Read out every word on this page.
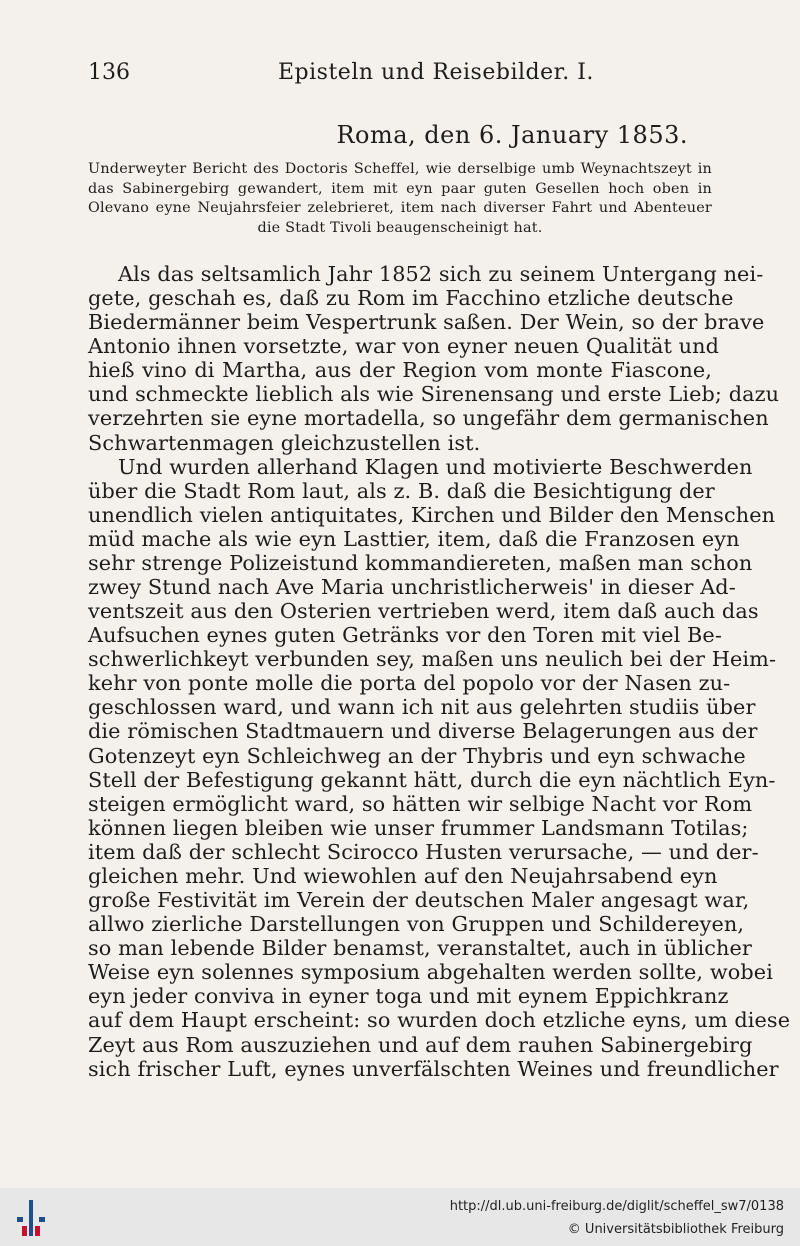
136	Episteln und Reisebilder. I.
Roma, den 6. January 1853.

Underweyter Bericht des Doctoris Scheffel, wie derselbige umb Weynachtszeyt in das Sabinergebirg gewandert, item mit eyn paar guten Gesellen hoch oben in Olevano eyne Neujahrsfeier zelebrieret, item nach diverser Fahrt und Abenteuer die Stadt Tivoli beaugenscheinigt hat.

Als das seltsamlich Jahr 1852 sich zu seinem Untergang nei-
gete, geschah es, daß zu Rom im Facchino etzliche deutsche
Biedermänner beim Vespertrunk saßen. Der Wein, so der brave
Antonio ihnen vorsetzte, war von eyner neuen Qualität und
hieß vino di Martha, aus der Region vom monte Fiascone,
und schmeckte lieblich als wie Sirenensang und erste Lieb; dazu
verzehrten sie eyne mortadella, so ungefähr dem germanischen
Schwartenmagen gleichzustellen ist.
Und wurden allerhand Klagen und motivierte Beschwerden
über die Stadt Rom laut, als z. B. daß die Besichtigung der
unendlich vielen antiquitates, Kirchen und Bilder den Menschen
müd mache als wie eyn Lasttier, item, daß die Franzosen eyn
sehr strenge Polizeistund kommandiereten, maßen man schon
zwey Stund nach Ave Maria unchristlicherweis' in dieser Ad-
ventszeit aus den Osterien vertrieben werd, item daß auch das
Aufsuchen eynes guten Getränks vor den Toren mit viel Be-
schwerlichkeyt verbunden sey, maßen uns neulich bei der Heim-
kehr von ponte molle die porta del popolo vor der Nasen zu-
geschlossen ward, und wann ich nit aus gelehrten studiis über
die römischen Stadtmauern und diverse Belagerungen aus der
Gotenzeyt eyn Schleichweg an der Thybris und eyn schwache
Stell der Befestigung gekannt hätt, durch die eyn nächtlich Eyn-
steigen ermöglicht ward, so hätten wir selbige Nacht vor Rom
können liegen bleiben wie unser frummer Landsmann Totilas;
item daß der schlecht Scirocco Husten verursache, — und der-
gleichen mehr. Und wiewohlen auf den Neujahrsabend eyn
große Festivität im Verein der deutschen Maler angesagt war,
allwo zierliche Darstellungen von Gruppen und Schildereyen,
so man lebende Bilder benamst, veranstaltet, auch in üblicher
Weise eyn solennes symposium abgehalten werden sollte, wobei
eyn jeder conviva in eyner toga und mit eynem Eppichkranz
auf dem Haupt erscheint: so wurden doch etzliche eyns, um diese
Zeyt aus Rom auszuziehen und auf dem rauhen Sabinergebirg
sich frischer Luft, eynes unverfälschten Weines und freundlicher
http://dl.ub.uni-freiburg.de/diglit/scheffel_sw7/0138
© Universitätsbibliothek Freiburg
